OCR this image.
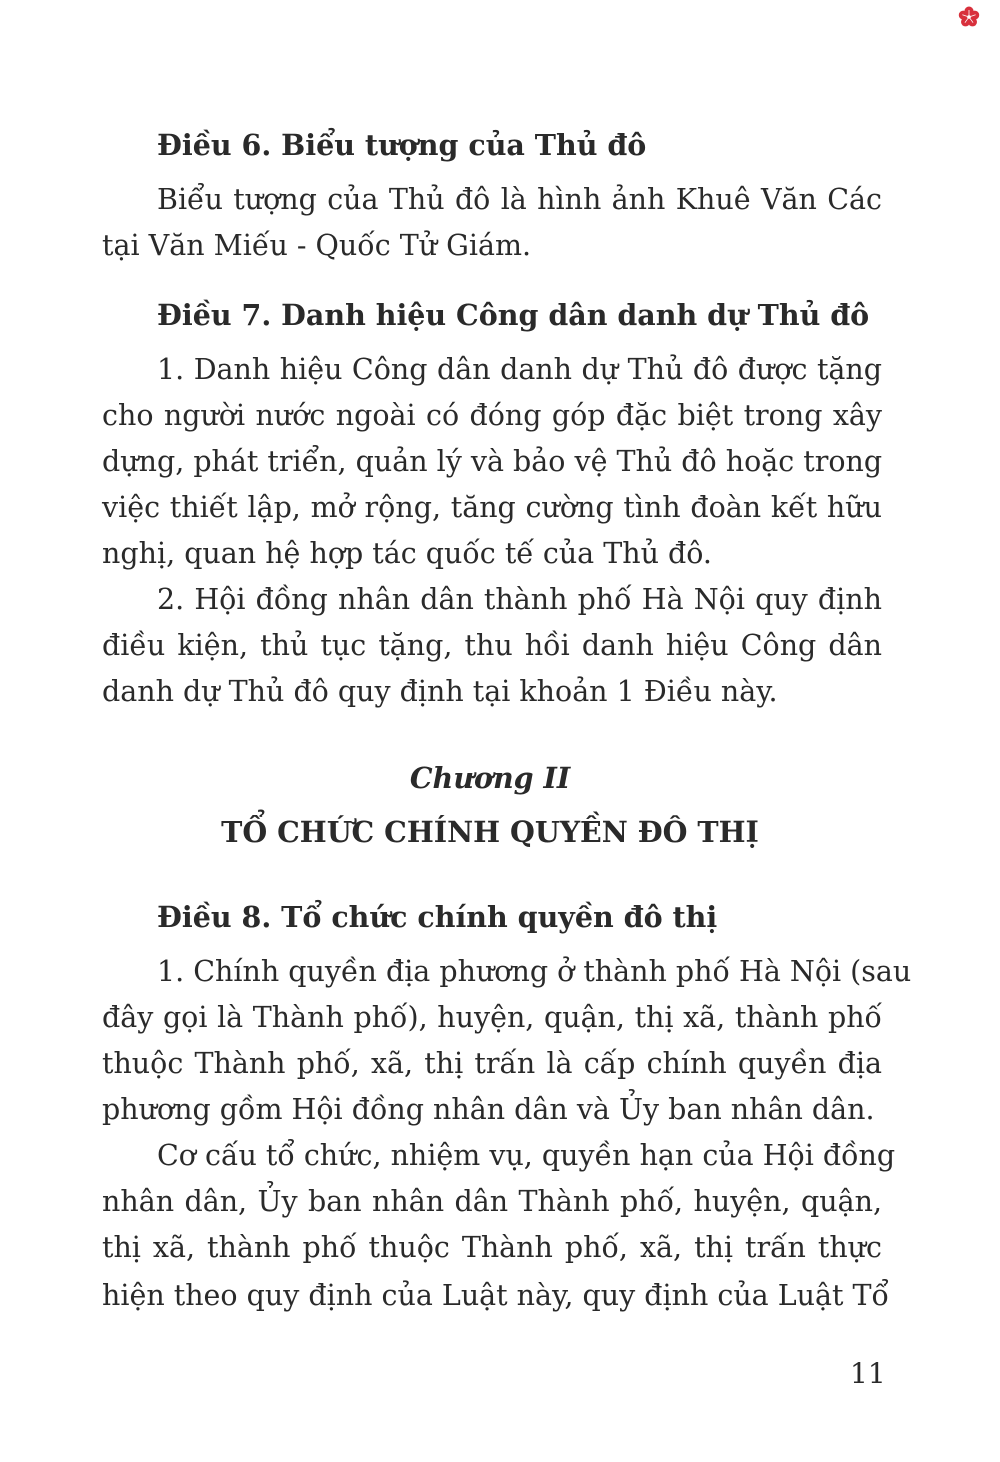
Điều 6. Biểu tượng của Thủ đô
Biểu tượng của Thủ đô là hình ảnh Khuê Văn Các
tại Văn Miếu - Quốc Tử Giám.
Điều 7. Danh hiệu Công dân danh dự Thủ đô
1. Danh hiệu Công dân danh dự Thủ đô được tặng
cho người nước ngoài có đóng góp đặc biệt trong xây
dựng, phát triển, quản lý và bảo vệ Thủ đô hoặc trong
việc thiết lập, mở rộng, tăng cường tình đoàn kết hữu
nghị, quan hệ hợp tác quốc tế của Thủ đô.
2. Hội đồng nhân dân thành phố Hà Nội quy định
điều kiện, thủ tục tặng, thu hồi danh hiệu Công dân
danh dự Thủ đô quy định tại khoản 1 Điều này.
Chương II
TỔ CHỨC CHÍNH QUYỀN ĐÔ THỊ
Điều 8. Tổ chức chính quyền đô thị
1. Chính quyền địa phương ở thành phố Hà Nội (sau
đây gọi là Thành phố), huyện, quận, thị xã, thành phố
thuộc Thành phố, xã, thị trấn là cấp chính quyền địa
phương gồm Hội đồng nhân dân và Ủy ban nhân dân.
Cơ cấu tổ chức, nhiệm vụ, quyền hạn của Hội đồng
nhân dân, Ủy ban nhân dân Thành phố, huyện, quận,
thị xã, thành phố thuộc Thành phố, xã, thị trấn thực
hiện theo quy định của Luật này, quy định của Luật Tổ
11
